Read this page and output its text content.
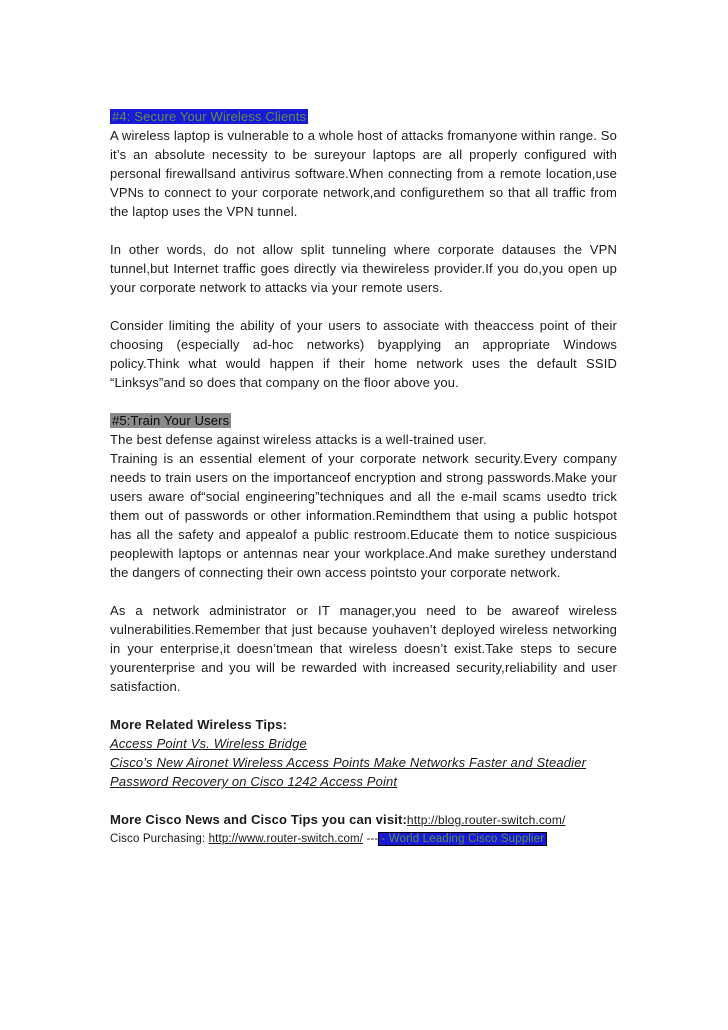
#4: Secure Your Wireless Clients

A wireless laptop is vulnerable to a whole host of attacks fromanyone within range. So it’s an absolute necessity to be sureyour laptops are all properly configured with personal firewallsand antivirus software.When connecting from a remote location,use VPNs to connect to your corporate network,and configurethem so that all traffic from the laptop uses the VPN tunnel.

In other words, do not allow split tunneling where corporate datauses the VPN tunnel,but Internet traffic goes directly via thewireless provider.If you do,you open up your corporate network to attacks via your remote users.

Consider limiting the ability of your users to associate with theaccess point of their choosing (especially ad-hoc networks) byapplying an appropriate Windows policy.Think what would happen if their home network uses the default SSID “Linksys”and so does that company on the floor above you.

#5:Train Your Users

The best defense against wireless attacks is a well-trained user.

Training is an essential element of your corporate network security.Every company needs to train users on the importanceof encryption and strong passwords.Make your users aware of“social engineering”techniques and all the e-mail scams usedto trick them out of passwords or other information.Remindthem that using a public hotspot has all the safety and appealof a public restroom.Educate them to notice suspicious peoplewith laptops or antennas near your workplace.And make surethey understand the dangers of connecting their own access pointsto your corporate network.

As a network administrator or IT manager,you need to be awareof wireless vulnerabilities.Remember that just because youhaven’t deployed wireless networking in your enterprise,it doesn’tmean that wireless doesn’t exist.Take steps to secure yourenterprise and you will be rewarded with increased security,reliability and user satisfaction.

More Related Wireless Tips:

Access Point Vs. Wireless Bridge

Cisco’s New Aironet Wireless Access Points Make Networks Faster and Steadier

Password Recovery on Cisco 1242 Access Point

More Cisco News and Cisco Tips you can visit:http://blog.router-switch.com/

Cisco Purchasing: http://www.router-switch.com/ --- - World Leading Cisco Supplier
